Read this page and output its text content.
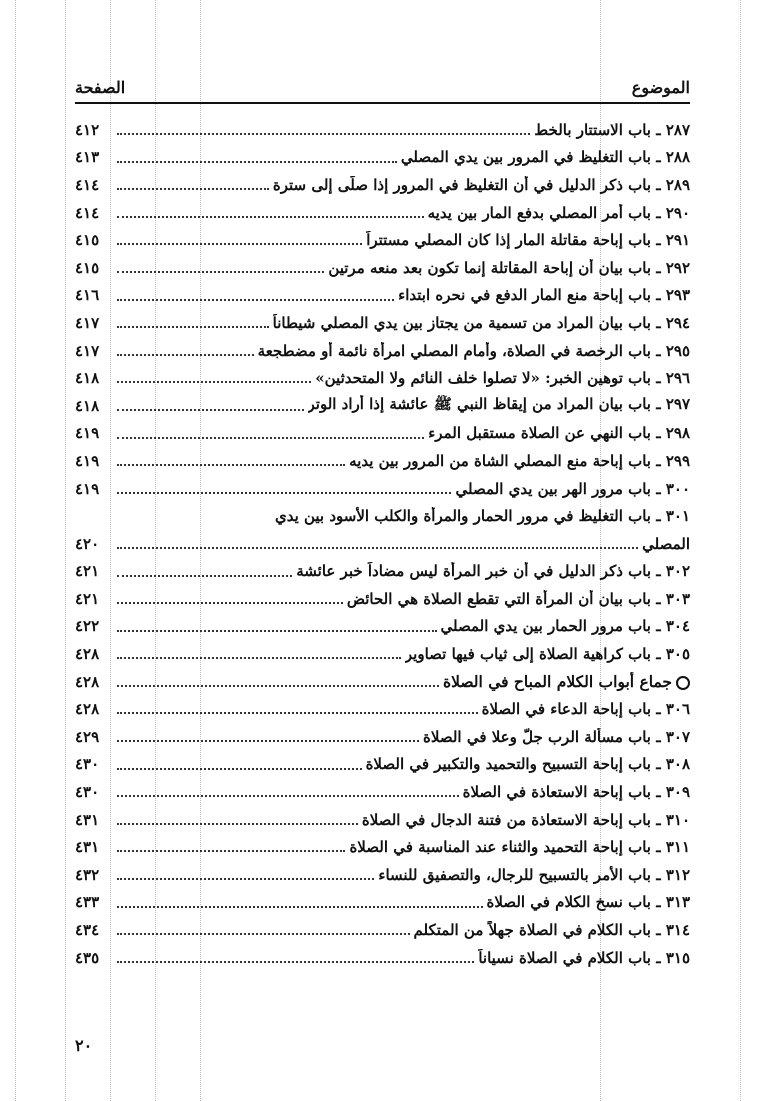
الموضوع
الصفحة
٢٨٧ ـ باب الاستتار بالخط
٤١٢
٢٨٨ ـ باب التغليظ في المرور بين يدي المصلي
٤١٣
٢٨٩ ـ باب ذكر الدليل في أن التغليظ في المرور إذا صلّى إلى سترة
٤١٤
٢٩٠ ـ باب أمر المصلي بدفع المار بين يديه
٤١٤
٢٩١ ـ باب إباحة مقاتلة المار إذا كان المصلي مستتراً
٤١٥
٢٩٢ ـ باب بيان أن إباحة المقاتلة إنما تكون بعد منعه مرتين
٤١٥
٢٩٣ ـ باب إباحة منع المار الدفع في نحره ابتداء
٤١٦
٢٩٤ ـ باب بيان المراد من تسمية من يجتاز بين يدي المصلي شيطاناً
٤١٧
٢٩٥ ـ باب الرخصة في الصلاة، وأمام المصلي امرأة نائمة أو مضطجعة
٤١٧
٢٩٦ ـ باب توهين الخبر: «لا تصلوا خلف النائم ولا المتحدثين»
٤١٨
٢٩٧ ـ باب بيان المراد من إيقاظ النبي ﷺ عائشة إذا أراد الوتر
٤١٨
٢٩٨ ـ باب النهي عن الصلاة مستقبل المرء
٤١٩
٢٩٩ ـ باب إباحة منع المصلي الشاة من المرور بين يديه
٤١٩
٣٠٠ ـ باب مرور الهر بين يدي المصلي
٤١٩
٣٠١ ـ باب التغليظ في مرور الحمار والمرأة والكلب الأسود بين يدي
المصلي
٤٢٠
٣٠٢ ـ باب ذكر الدليل في أن خبر المرأة ليس مضاداً خبر عائشة
٤٢١
٣٠٣ ـ باب بيان أن المرأة التي تقطع الصلاة هي الحائض
٤٢١
٣٠٤ ـ باب مرور الحمار بين يدي المصلي
٤٢٢
٣٠٥ ـ باب كراهية الصلاة إلى ثياب فيها تصاوير
٤٢٨
جماع أبواب الكلام المباح في الصلاة
٤٢٨
٣٠٦ ـ باب إباحة الدعاء في الصلاة
٤٢٨
٣٠٧ ـ باب مسألة الرب جلّ وعلا في الصلاة
٤٢٩
٣٠٨ ـ باب إباحة التسبيح والتحميد والتكبير في الصلاة
٤٣٠
٣٠٩ ـ باب إباحة الاستعاذة في الصلاة
٤٣٠
٣١٠ ـ باب إباحة الاستعاذة من فتنة الدجال في الصلاة
٤٣١
٣١١ ـ باب إباحة التحميد والثناء عند المناسبة في الصلاة
٤٣١
٣١٢ ـ باب الأمر بالتسبيح للرجال، والتصفيق للنساء
٤٣٢
٣١٣ ـ باب نسخ الكلام في الصلاة
٤٣٣
٣١٤ ـ باب الكلام في الصلاة جهلاً من المتكلم
٤٣٤
٣١٥ ـ باب الكلام في الصلاة نسياناً
٤٣٥
٢٠
